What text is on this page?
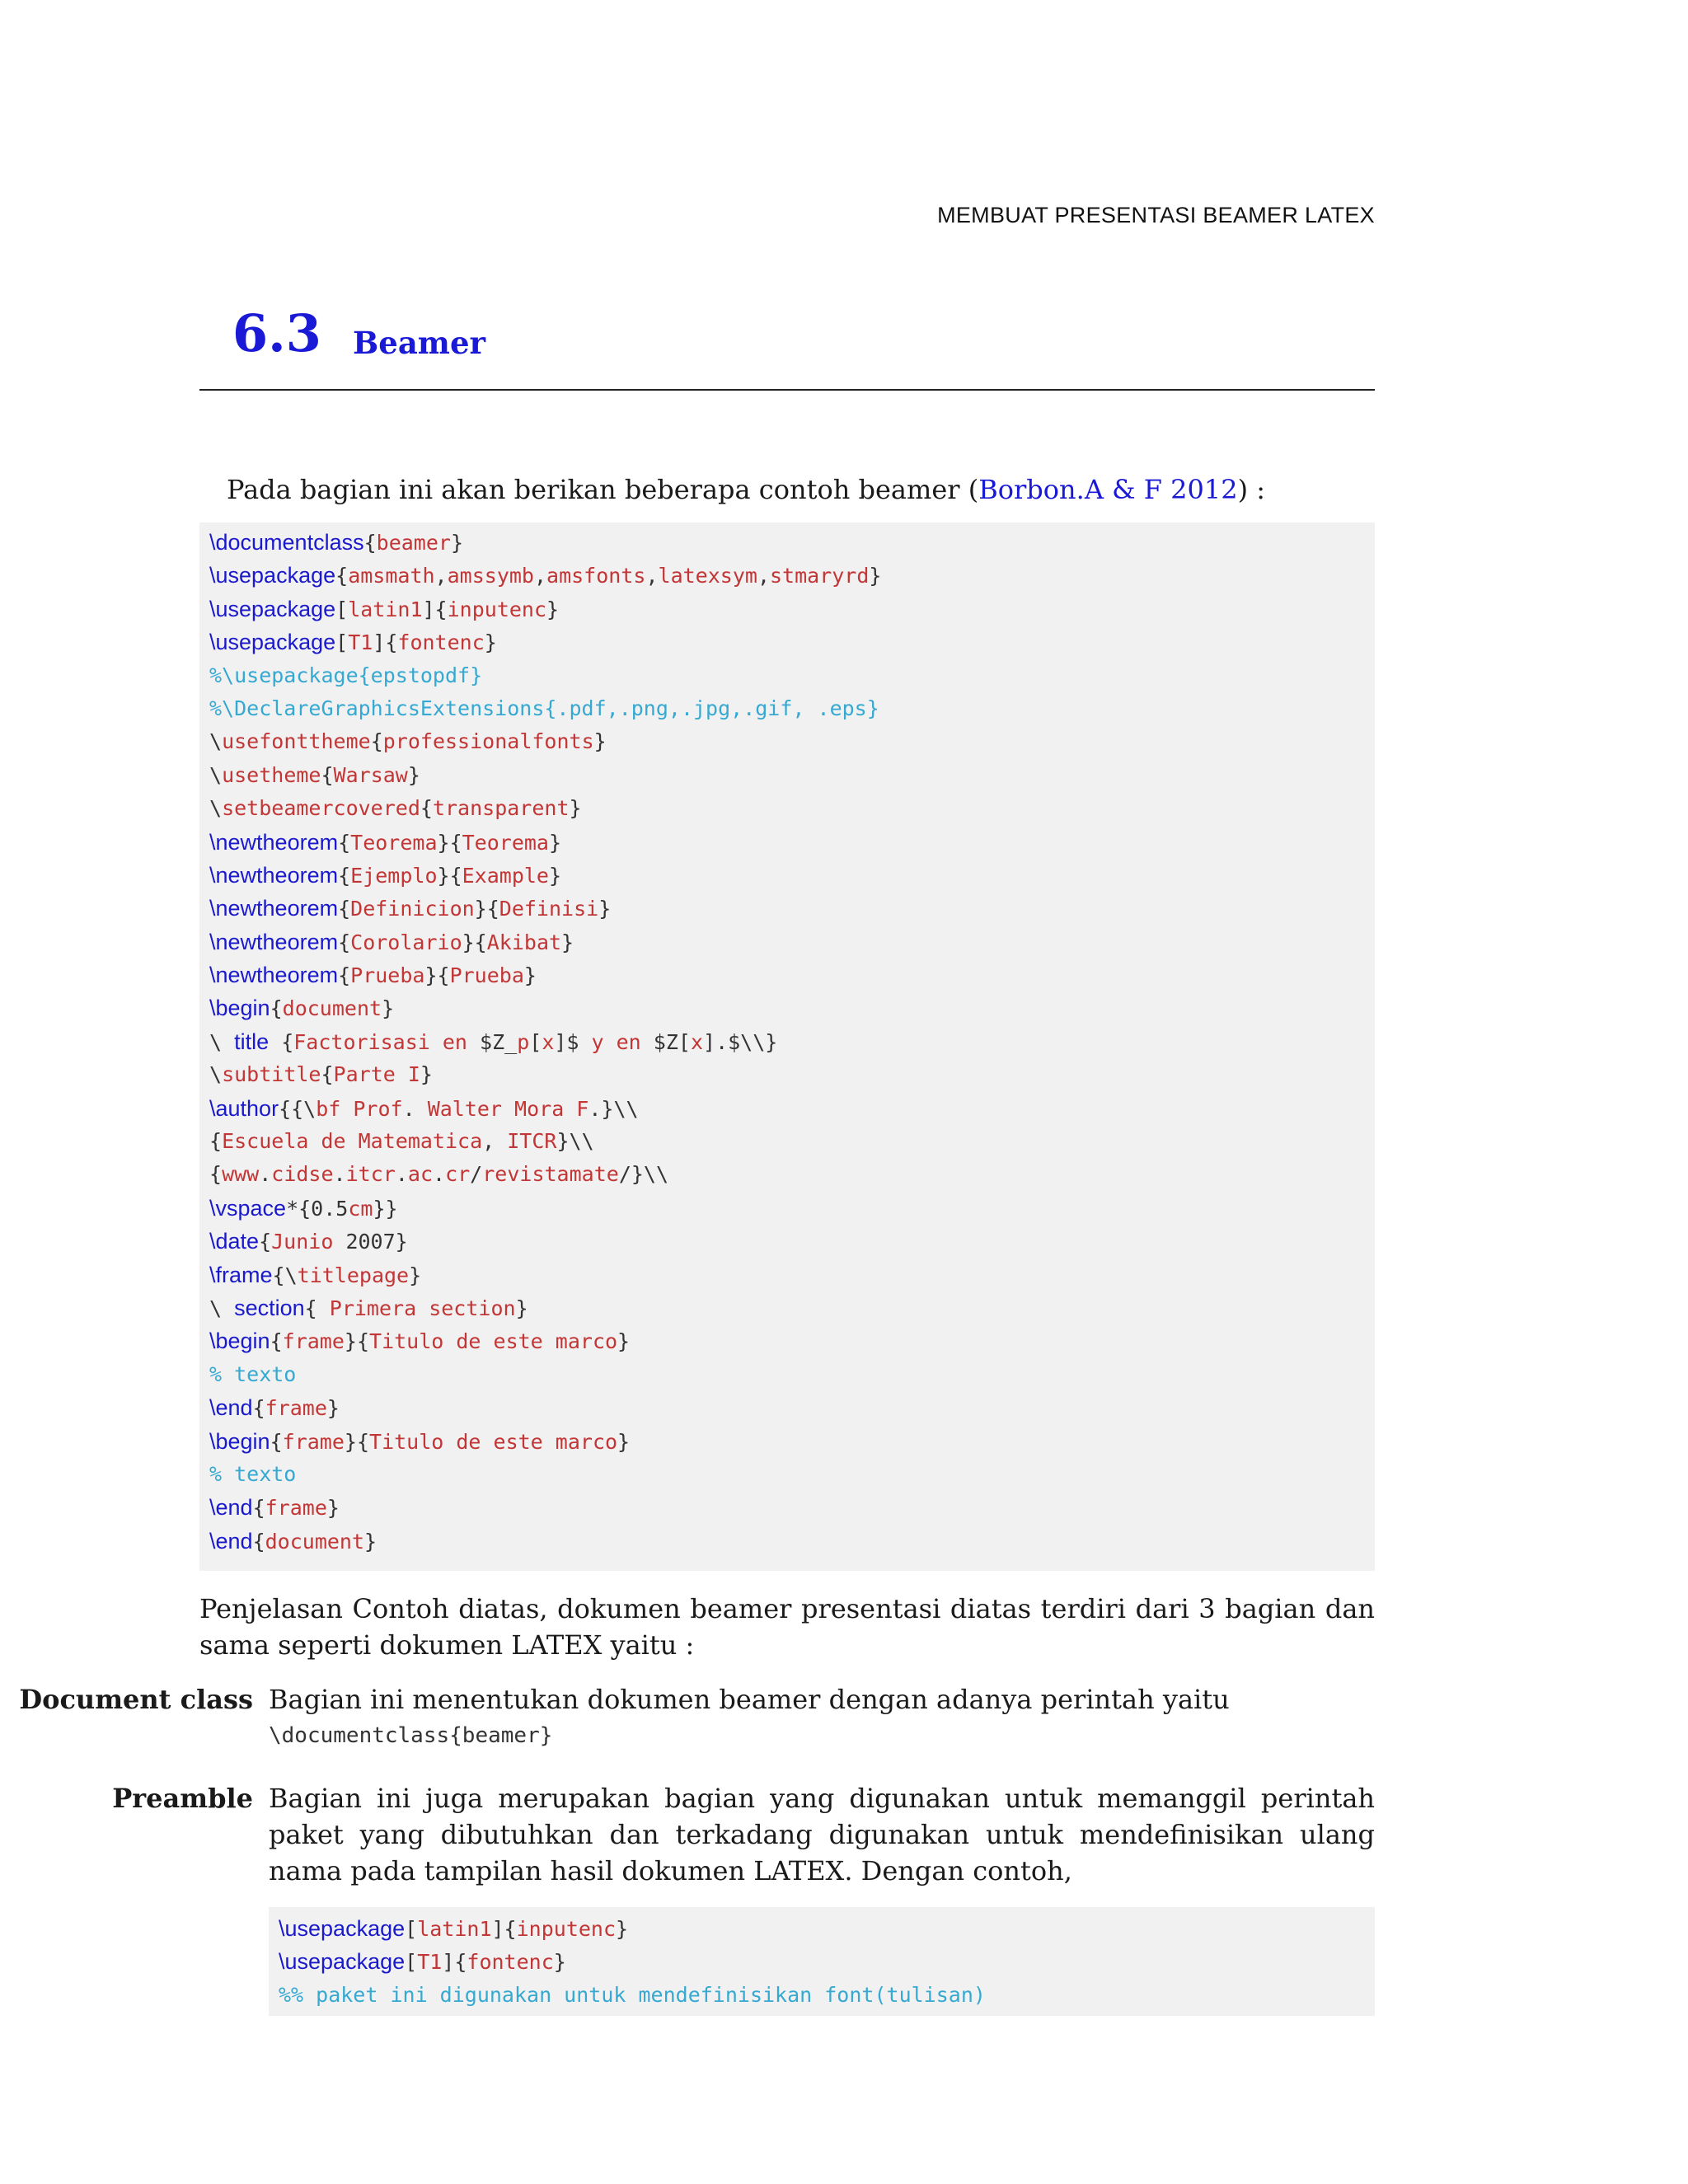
MEMBUAT PRESENTASI BEAMER LATEX
6.3 Beamer
Pada bagian ini akan berikan beberapa contoh beamer (Borbon.A & F 2012) :
\documentclass{beamer}
\usepackage{amsmath,amssymb,amsfonts,latexsym,stmaryrd}
\usepackage[latin1]{inputenc}
\usepackage[T1]{fontenc}
%\usepackage{epstopdf}
%\DeclareGraphicsExtensions{.pdf,.png,.jpg,.gif, .eps}
\usefonttheme{professionalfonts}
\usetheme{Warsaw}
\setbeamercovered{transparent}
\newtheorem{Teorema}{Teorema}
\newtheorem{Ejemplo}{Example}
\newtheorem{Definicion}{Definisi}
\newtheorem{Corolario}{Akibat}
\newtheorem{Prueba}{Prueba}
\begin{document}
\ title {Factorisasi en $Z_p[x]$ y en $Z[x].$\\}
\subtitle{Parte I}
\author{{\bf Prof. Walter Mora F.}\\
{Escuela de Matematica, ITCR}\\
{www.cidse.itcr.ac.cr/revistamate/}\\
\vspace*{0.5cm}}
\date{Junio 2007}
\frame{\titlepage}
\ section{ Primera section}
\begin{frame}{Titulo de este marco}
% texto
\end{frame}
\begin{frame}{Titulo de este marco}
% texto
\end{frame}
\end{document}
Penjelasan Contoh diatas, dokumen beamer presentasi diatas terdiri dari 3 bagian dan sama seperti dokumen LATEX yaitu :
Document class Bagian ini menentukan dokumen beamer dengan adanya perintah yaitu
\documentclass{beamer}
Preamble Bagian ini juga merupakan bagian yang digunakan untuk memanggil perintah paket yang dibutuhkan dan terkadang digunakan untuk mendefinisikan ulang nama pada tampilan hasil dokumen LATEX. Dengan contoh,
\usepackage[latin1]{inputenc}
\usepackage[T1]{fontenc}
%% paket ini digunakan untuk mendefinisikan font(tulisan)
